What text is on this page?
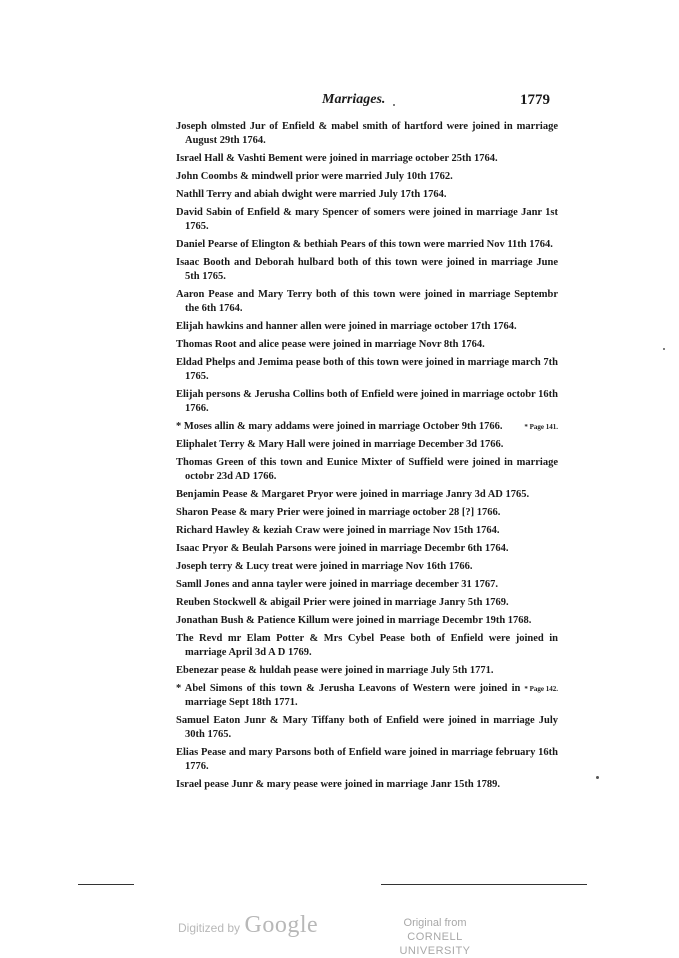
Marriages.	1779

Joseph olmsted Jur of Enfield & mabel smith of hartford were joined in marriage August 29th 1764.

Israel Hall & Vashti Bement were joined in marriage october 25th 1764.

John Coombs & mindwell prior were married July 10th 1762.

Nathll Terry and abiah dwight were married July 17th 1764.

David Sabin of Enfield & mary Spencer of somers were joined in marriage Janr 1st 1765.

Daniel Pearse of Elington & bethiah Pears of this town were married Nov 11th 1764.

Isaac Booth and Deborah hulbard both of this town were joined in marriage June 5th 1765.

Aaron Pease and Mary Terry both of this town were joined in marriage Septembr the 6th 1764.

Elijah hawkins and hanner allen were joined in marriage october 17th 1764.

Thomas Root and alice pease were joined in marriage Novr 8th 1764.

Eldad Phelps and Jemima pease both of this town were joined in marriage march 7th 1765.

Elijah persons & Jerusha Collins both of Enfield were joined in marriage octobr 16th 1766.

* Page 141.
* Moses allin & mary addams were joined in marriage October 9th 1766.

Eliphalet Terry & Mary Hall were joined in marriage December 3d 1766.

Thomas Green of this town and Eunice Mixter of Suffield were joined in marriage octobr 23d AD 1766.

Benjamin Pease & Margaret Pryor were joined in marriage Janry 3d AD 1765.

Sharon Pease & mary Prier were joined in marriage october 28 [?] 1766.

Richard Hawley & keziah Craw were joined in marriage Nov 15th 1764.

Isaac Pryor & Beulah Parsons were joined in marriage Decembr 6th 1764.

Joseph terry & Lucy treat were joined in marriage Nov 16th 1766.

Samll Jones and anna tayler were joined in marriage december 31 1767.

Reuben Stockwell & abigail Prier were joined in marriage Janry 5th 1769.

Jonathan Bush & Patience Killum were joined in marriage Decembr 19th 1768.

The Revd mr Elam Potter & Mrs Cybel Pease both of Enfield were joined in marriage April 3d A D 1769.

Ebenezar pease & huldah pease were joined in marriage July 5th 1771.

* Page 142.
* Abel Simons of this town & Jerusha Leavons of Western were joined in marriage Sept 18th 1771.

Samuel Eaton Junr & Mary Tiffany both of Enfield were joined in marriage July 30th 1765.

Elias Pease and mary Parsons both of Enfield ware joined in marriage february 16th 1776.

Israel pease Junr & mary pease were joined in marriage Janr 15th 1789.

Digitized by Google	Original from
CORNELL UNIVERSITY
